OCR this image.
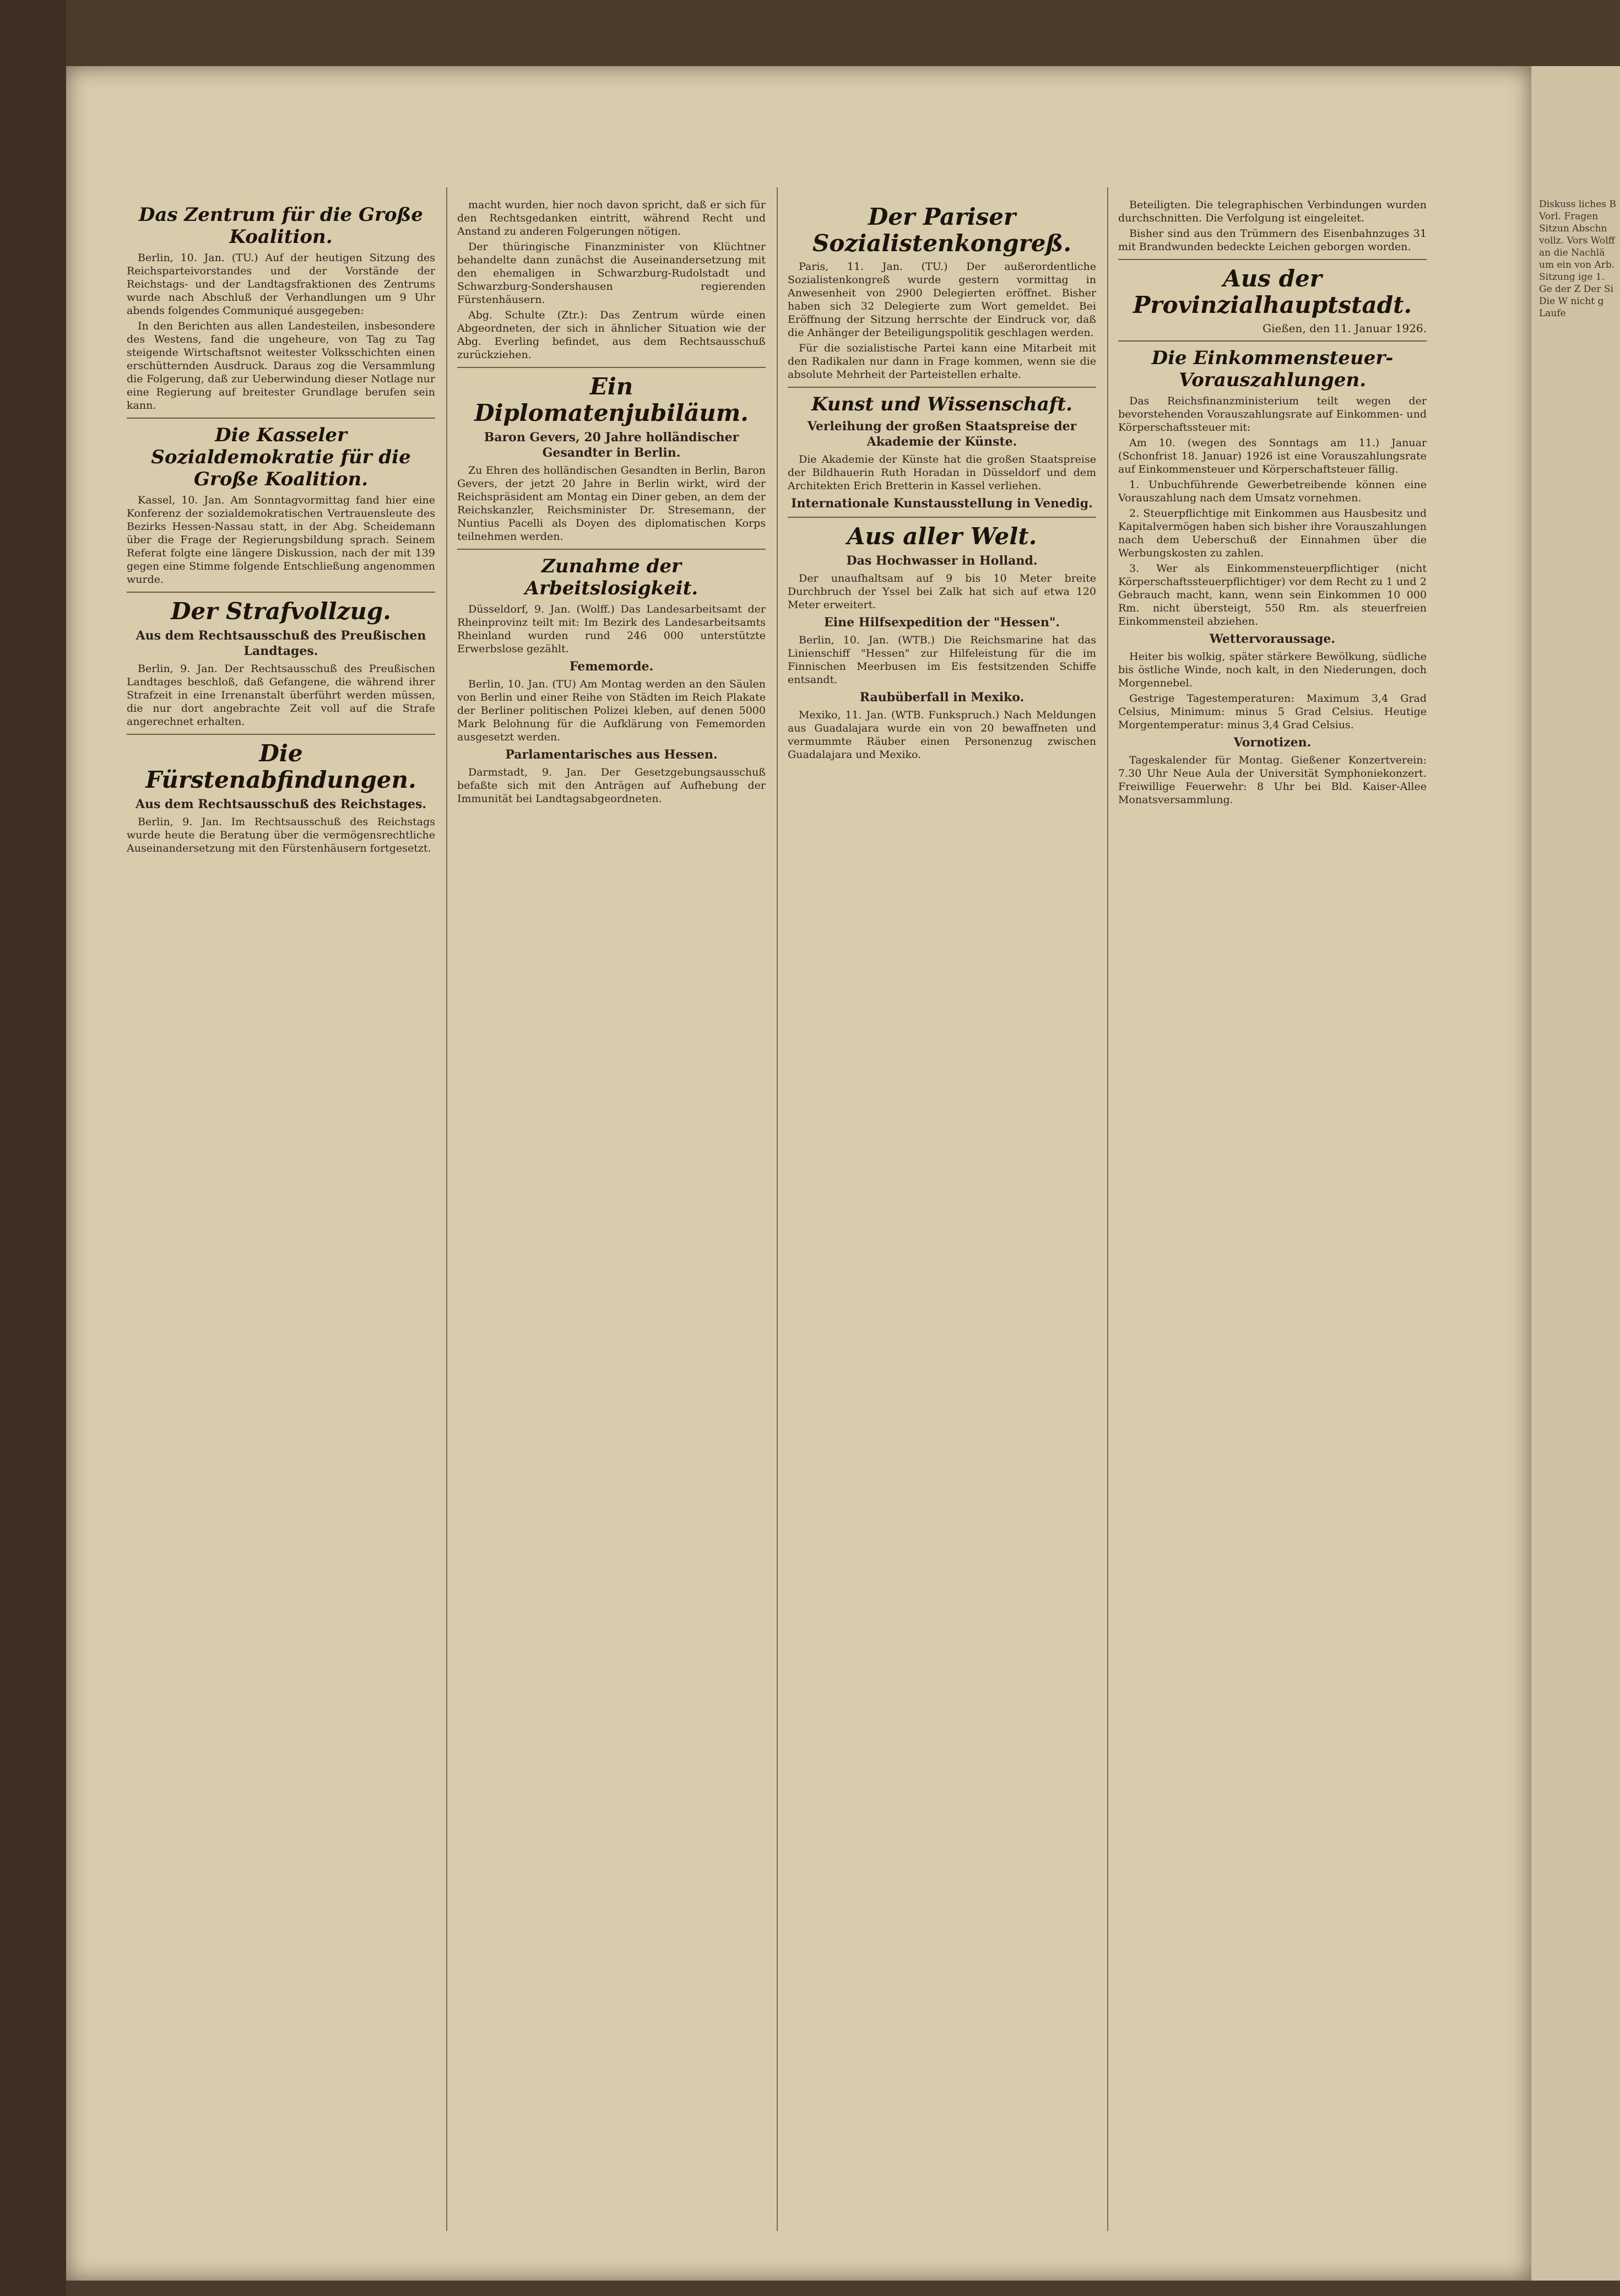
Das Zentrum für die Große Koalition.

Berlin, 10. Jan. (TU.) Auf der heutigen Sitzung des Reichsparteivorstandes und der Vorstände der Reichstags- und der Landtagsfraktionen des Zentrums wurde nach Abschluß der Verhandlungen um 9 Uhr abends folgendes Communiqué ausgegeben:

In den Berichten aus allen Landesteilen, insbesondere des Westens, fand die ungeheure, von Tag zu Tag steigende Wirtschaftsnot weitester Volksschichten einen erschütternden Ausdruck. Daraus zog die Versammlung die Folgerung, daß zur Ueberwindung dieser Notlage nur eine Regierung auf breitester Grundlage berufen sein kann.

Die Kasseler Sozialdemokratie für die Große Koalition.

Kassel, 10. Jan. Am Sonntagvormittag fand hier eine Konferenz der sozialdemokratischen Vertrauensleute des Bezirks Hessen-Nassau statt, in der Abg. Scheidemann über die Frage der Regierungsbildung sprach. Seinem Referat folgte eine längere Diskussion, nach der mit 139 gegen eine Stimme folgende Entschließung angenommen wurde.

Der Strafvollzug.
Aus dem Rechtsausschuß des Preußischen Landtages.

Berlin, 9. Jan. Der Rechtsausschuß des Preußischen Landtages beschloß, daß Gefangene, die während ihrer Strafzeit in eine Irrenanstalt überführt werden müssen, die nur dort angebrachte Zeit voll auf die Strafe angerechnet erhalten.

Die Fürstenabfindungen.
Aus dem Rechtsausschuß des Reichstages.

Berlin, 9. Jan. Im Rechtsausschuß des Reichstags wurde heute die Beratung über die vermögensrechtliche Auseinandersetzung mit den Fürstenhäusern fortgesetzt.

macht wurden, hier noch davon spricht, daß er sich für den Rechtsgedanken eintritt, während Recht und Anstand zu anderen Folgerungen nötigen.

Der thüringische Finanzminister von Klüchtner behandelte dann zunächst die Auseinandersetzung mit den ehemaligen in Schwarzburg-Rudolstadt und Schwarzburg-Sondershausen regierenden Fürstenhäusern.

Abg. Schulte (Ztr.): Das Zentrum würde einen Abgeordneten, der sich in ähnlicher Situation wie der Abg. Everling befindet, aus dem Rechtsausschuß zurückziehen.

Ein Diplomatenjubiläum.
Baron Gevers, 20 Jahre holländischer Gesandter in Berlin.

Zu Ehren des holländischen Gesandten in Berlin, Baron Gevers, der jetzt 20 Jahre in Berlin wirkt, wird der Reichspräsident am Montag ein Diner geben, an dem der Reichskanzler, Reichsminister Dr. Stresemann, der Nuntius Pacelli als Doyen des diplomatischen Korps teilnehmen werden.

Zunahme der Arbeitslosigkeit.

Düsseldorf, 9. Jan. (Wolff.) Das Landesarbeitsamt der Rheinprovinz teilt mit: Im Bezirk des Landesarbeitsamts Rheinland wurden rund 246 000 unterstützte Erwerbslose gezählt.

Fememorde.

Berlin, 10. Jan. (TU) Am Montag werden an den Säulen von Berlin und einer Reihe von Städten im Reich Plakate der Berliner politischen Polizei kleben, auf denen 5000 Mark Belohnung für die Aufklärung von Fememorden ausgesetzt werden.

Parlamentarisches aus Hessen.

Darmstadt, 9. Jan. Der Gesetzgebungsausschuß befaßte sich mit den Anträgen auf Aufhebung der Immunität bei Landtagsabgeordneten.

Der Pariser Sozialistenkongreß.

Paris, 11. Jan. (TU.) Der außerordentliche Sozialistenkongreß wurde gestern vormittag in Anwesenheit von 2900 Delegierten eröffnet. Bisher haben sich 32 Delegierte zum Wort gemeldet. Bei Eröffnung der Sitzung herrschte der Eindruck vor, daß die Anhänger der Beteiligungspolitik geschlagen werden.

Für die sozialistische Partei kann eine Mitarbeit mit den Radikalen nur dann in Frage kommen, wenn sie die absolute Mehrheit der Parteistellen erhalte.

Kunst und Wissenschaft.
Verleihung der großen Staatspreise der Akademie der Künste.

Die Akademie der Künste hat die großen Staatspreise der Bildhauerin Ruth Horadan in Düsseldorf und dem Architekten Erich Bretterin in Kassel verliehen.

Internationale Kunstausstellung in Venedig.
Aus aller Welt.
Das Hochwasser in Holland.

Der unaufhaltsam auf 9 bis 10 Meter breite Durchbruch der Yssel bei Zalk hat sich auf etwa 120 Meter erweitert.

Eine Hilfsexpedition der "Hessen".

Berlin, 10. Jan. (WTB.) Die Reichsmarine hat das Linienschiff "Hessen" zur Hilfeleistung für die im Finnischen Meerbusen im Eis festsitzenden Schiffe entsandt.

Raubüberfall in Mexiko.

Mexiko, 11. Jan. (WTB. Funkspruch.) Nach Meldungen aus Guadalajara wurde ein von 20 bewaffneten und vermummte Räuber einen Personenzug zwischen Guadalajara und Mexiko.

Beteiligten. Die telegraphischen Verbindungen wurden durchschnitten. Die Verfolgung ist eingeleitet.

Bisher sind aus den Trümmern des Eisenbahnzuges 31 mit Brandwunden bedeckte Leichen geborgen worden.

Aus der Provinzialhauptstadt.
Gießen, den 11. Januar 1926.
Die Einkommensteuer-Vorauszahlungen.

Das Reichsfinanzministerium teilt wegen der bevorstehenden Vorauszahlungsrate auf Einkommen- und Körperschaftssteuer mit:

Am 10. (wegen des Sonntags am 11.) Januar (Schonfrist 18. Januar) 1926 ist eine Vorauszahlungsrate auf Einkommensteuer und Körperschaftsteuer fällig.

1. Unbuchführende Gewerbetreibende können eine Vorauszahlung nach dem Umsatz vornehmen.

2. Steuerpflichtige mit Einkommen aus Hausbesitz und Kapitalvermögen haben sich bisher ihre Vorauszahlungen nach dem Ueberschuß der Einnahmen über die Werbungskosten zu zahlen.

3. Wer als Einkommensteuerpflichtiger (nicht Körperschaftssteuerpflichtiger) vor dem Recht zu 1 und 2 Gebrauch macht, kann, wenn sein Einkommen 10 000 Rm. nicht übersteigt, 550 Rm. als steuerfreien Einkommensteil abziehen.

Wettervoraussage.

Heiter bis wolkig, später stärkere Bewölkung, südliche bis östliche Winde, noch kalt, in den Niederungen, doch Morgennebel.

Gestrige Tagestemperaturen: Maximum 3,4 Grad Celsius, Minimum: minus 5 Grad Celsius. Heutige Morgentemperatur: minus 3,4 Grad Celsius.

Vornotizen.

Tageskalender für Montag. Gießener Konzertverein: 7.30 Uhr Neue Aula der Universität Symphoniekonzert. Freiwillige Feuerwehr: 8 Uhr bei Bld. Kaiser-Allee Monatsversammlung.

Diskuss liches B Vorl. Fragen Sitzun Abschn vollz. Vors Wolff an die Nachlä um ein von Arb. Sitzung ige 1. Ge der Z Der Si Die W nicht g Laufe
